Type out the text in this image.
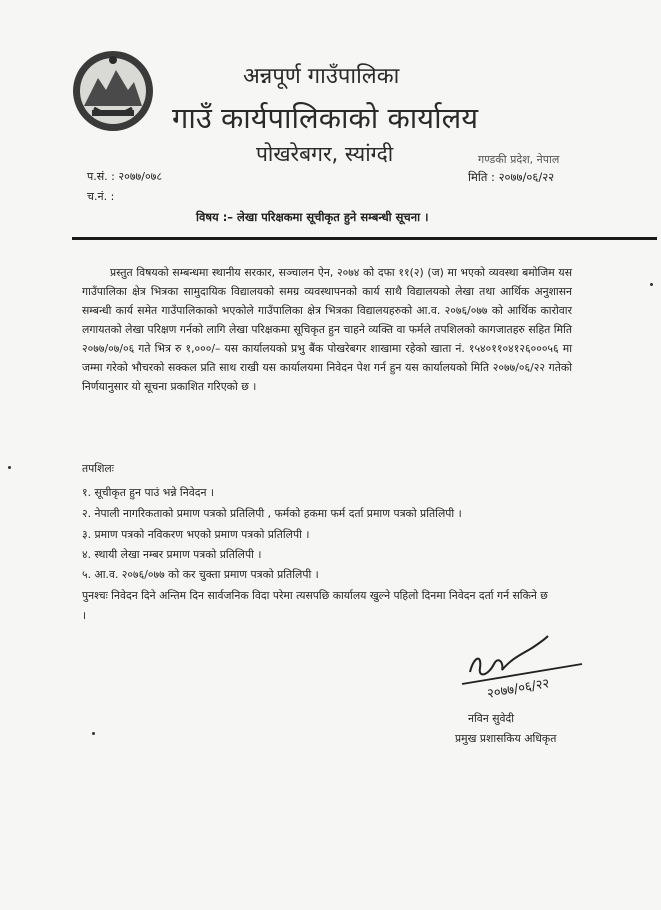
अन्नपूर्ण गाउँपालिका
गाउँ कार्यपालिकाको कार्यालय
पोखरेबगर, स्यांग्दी	गण्डकी प्रदेश, नेपाल
प.सं. : २०७७/०७८	मिति : २०७७/०६/२२
च.नं. :
विषय :– लेखा परिक्षकमा सूचीकृत हुने सम्बन्धी सूचना ।

प्रस्तुत विषयको सम्बन्धमा स्थानीय सरकार, सञ्चालन ऐन, २०७४ को दफा ११(२) (ज) मा भएको व्यवस्था बमोजिम यस गाउँपालिका क्षेत्र भित्रका सामुदायिक विद्यालयको समग्र व्यवस्थापनको कार्य साथै विद्यालयको लेखा तथा आर्थिक अनुशासन सम्बन्धी कार्य समेत गाउँपालिकाको भएकोले गाउँपालिका क्षेत्र भित्रका विद्यालयहरुको आ.व. २०७६/०७७ को आर्थिक कारोवार लगायतको लेखा परिक्षण गर्नको लागि लेखा परिक्षकमा सूचिकृत हुन चाहने व्यक्ति वा फर्मले तपशिलको कागजातहरु सहित मिति २०७७/०७/०६ गते भित्र रु १,०००/– यस कार्यालयको प्रभु बैंक पोखरेबगर शाखामा रहेको खाता नं. १५४०११०४१२६०००५६ मा जम्मा गरेको भौचरको सक्कल प्रति साथ राखी यस कार्यालयमा निवेदन पेश गर्न हुन यस कार्यालयको मिति २०७७/०६/२२ गतेको निर्णयानुसार यो सूचना प्रकाशित गरिएको छ ।

तपशिलः
१. सूचीकृत हुन पाउं भन्ने निवेदन ।
२. नेपाली नागरिकताको प्रमाण पत्रको प्रतिलिपी , फर्मको हकमा फर्म दर्ता प्रमाण पत्रको प्रतिलिपी ।
३. प्रमाण पत्रको नविकरण भएको प्रमाण पत्रको प्रतिलिपी ।
४. स्थायी लेखा नम्बर प्रमाण पत्रको प्रतिलिपी ।
५. आ.व. २०७६/०७७ को कर चुक्ता प्रमाण पत्रको प्रतिलिपी ।

पुनश्चः निवेदन दिने अन्तिम दिन सार्वजनिक विदा परेमा त्यसपछि कार्यालय खुल्ने पहिलो दिनमा निवेदन दर्ता गर्न सकिने छ ।

२०७७/०६/२२
नविन सुवेदी
प्रमुख प्रशासकिय अधिकृत
